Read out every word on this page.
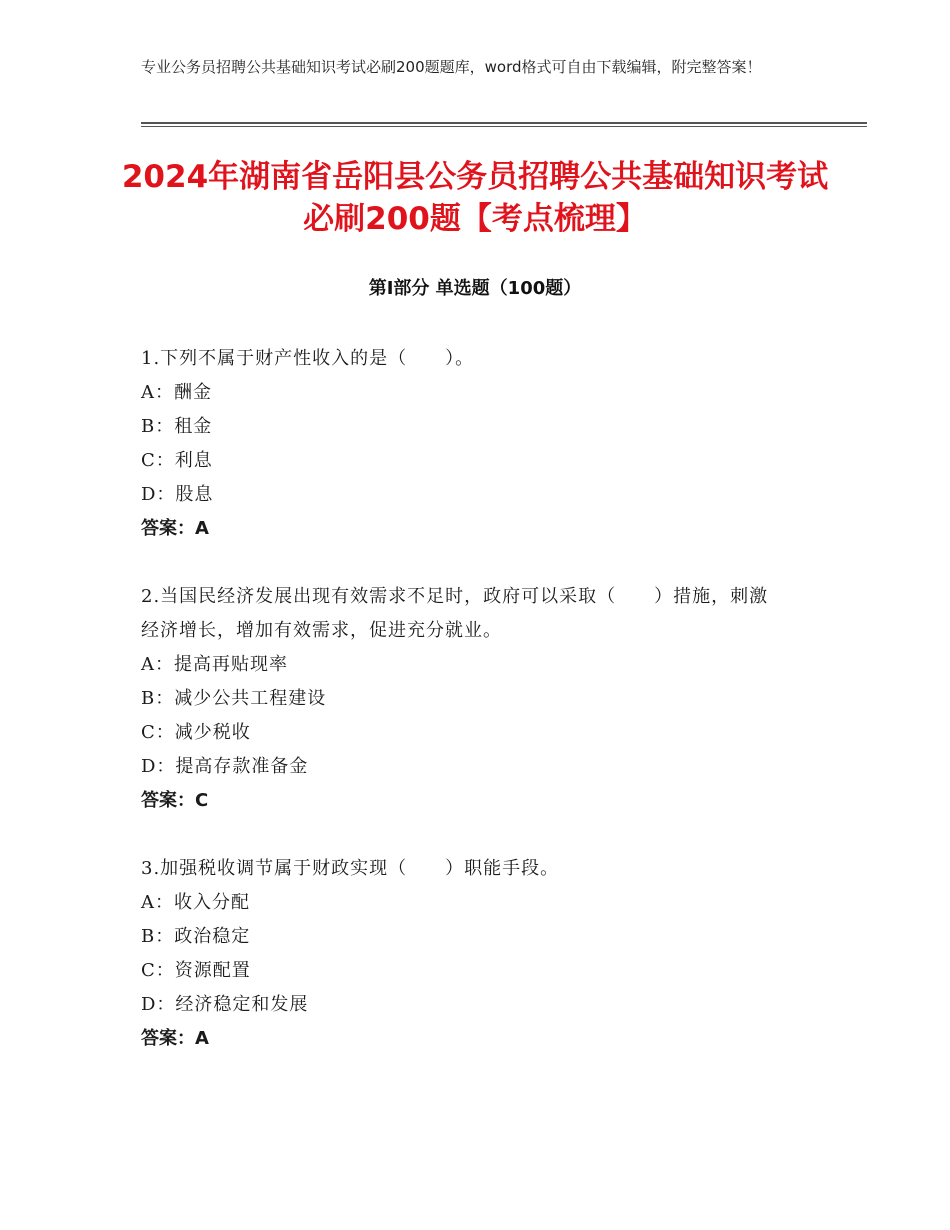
专业公务员招聘公共基础知识考试必刷200题题库，word格式可自由下载编辑，附完整答案！
2024年湖南省岳阳县公务员招聘公共基础知识考试必刷200题【考点梳理】
第Ⅰ部分 单选题（100题）
1.下列不属于财产性收入的是（　　）。
A：酬金
B：租金
C：利息
D：股息
答案：A
2.当国民经济发展出现有效需求不足时，政府可以采取（　　）措施，刺激经济增长，增加有效需求，促进充分就业。
A：提高再贴现率
B：减少公共工程建设
C：减少税收
D：提高存款准备金
答案：C
3.加强税收调节属于财政实现（　　）职能手段。
A：收入分配
B：政治稳定
C：资源配置
D：经济稳定和发展
答案：A
